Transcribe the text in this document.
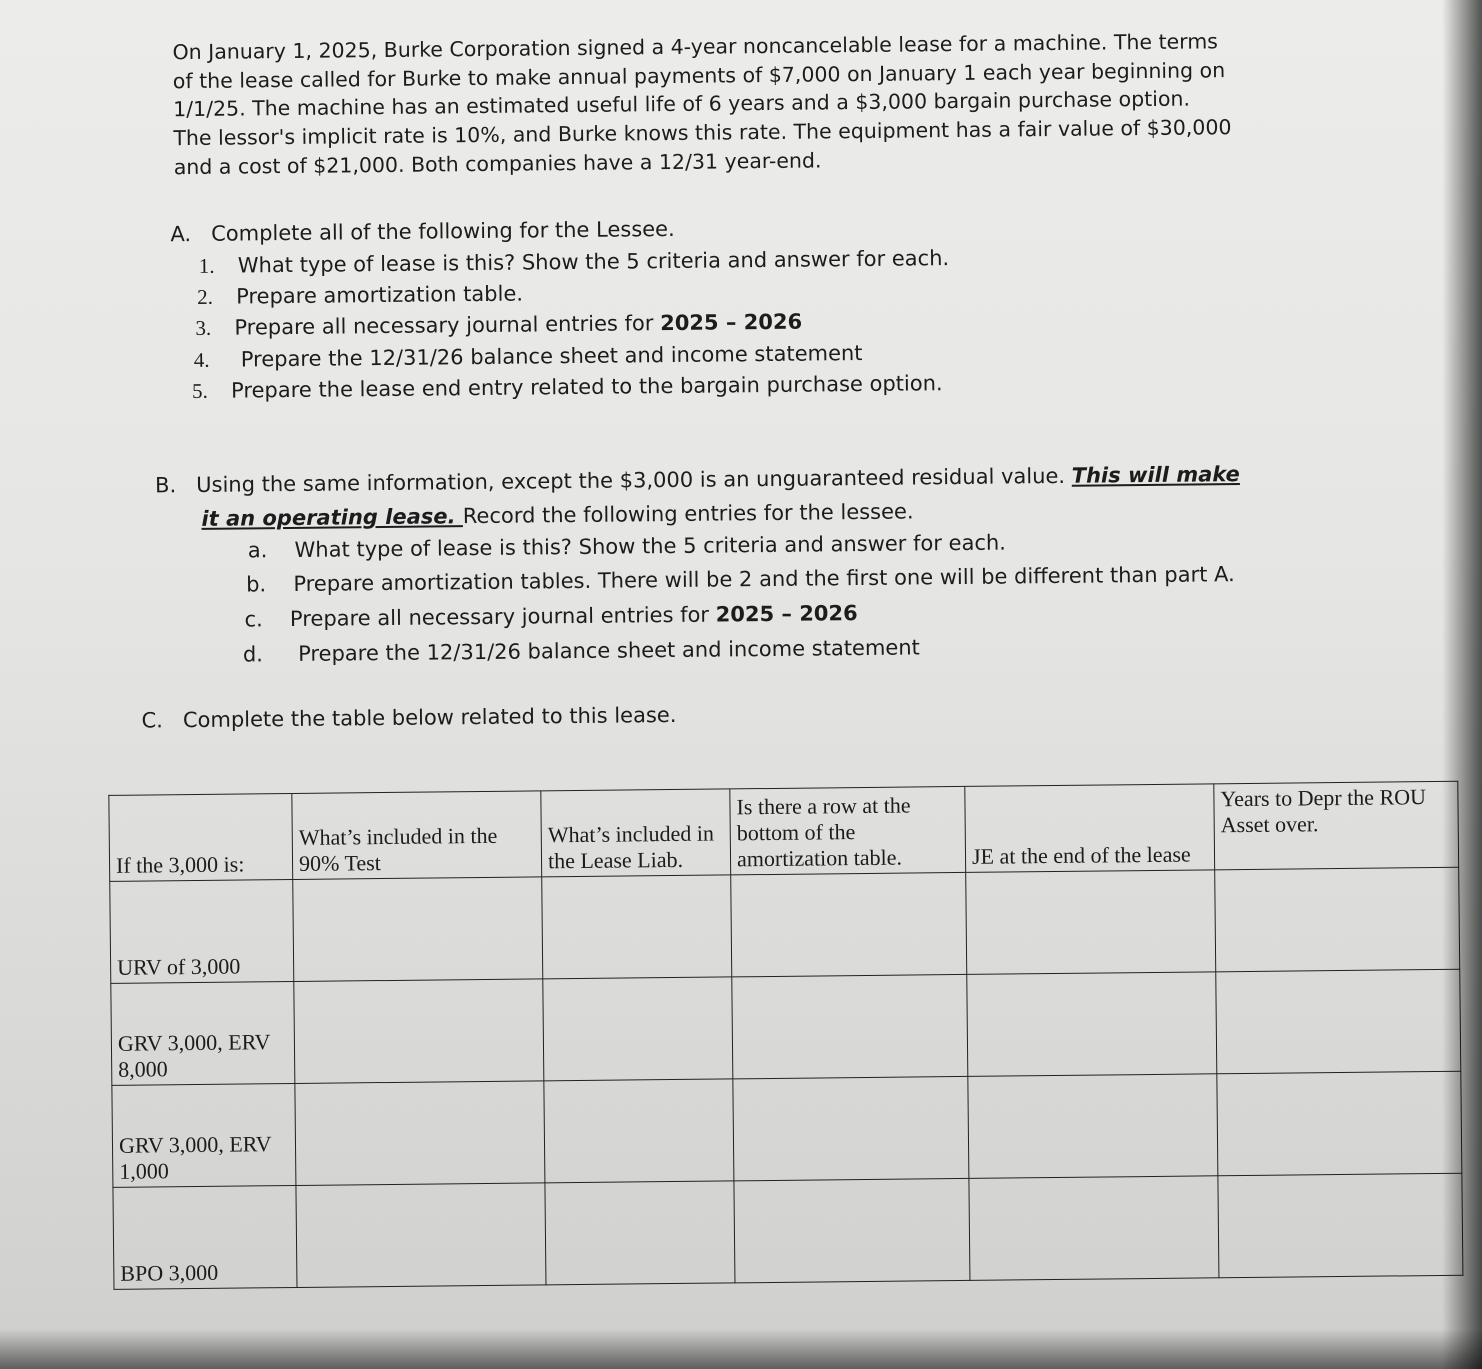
On January 1, 2025, Burke Corporation signed a 4-year noncancelable lease for a machine. The terms

of the lease called for Burke to make annual payments of $7,000 on January 1 each year beginning on

1/1/25. The machine has an estimated useful life of 6 years and a $3,000 bargain purchase option.

The lessor's implicit rate is 10%, and Burke knows this rate. The equipment has a fair value of $30,000

and a cost of $21,000. Both companies have a 12/31 year-end.

A. Complete all of the following for the Lessee.
1. What type of lease is this? Show the 5 criteria and answer for each.
2. Prepare amortization table.
3. Prepare all necessary journal entries for 2025 – 2026
4. Prepare the 12/31/26 balance sheet and income statement
5. Prepare the lease end entry related to the bargain purchase option.
B. Using the same information, except the $3,000 is an unguaranteed residual value. This will make
it an operating lease. Record the following entries for the lessee.
a. What type of lease is this? Show the 5 criteria and answer for each.
b. Prepare amortization tables. There will be 2 and the first one will be different than part A.
c. Prepare all necessary journal entries for 2025 – 2026
d. Prepare the 12/31/26 balance sheet and income statement
C. Complete the table below related to this lease.
If the 3,000 is:	What’s included in the 90% Test	What’s included in the Lease Liab.	Is there a row at the bottom of the amortization table.	JE at the end of the lease	Years to Depr the ROU Asset over.
URV of 3,000					
GRV 3,000, ERV 8,000					
GRV 3,000, ERV 1,000					
BPO 3,000					
